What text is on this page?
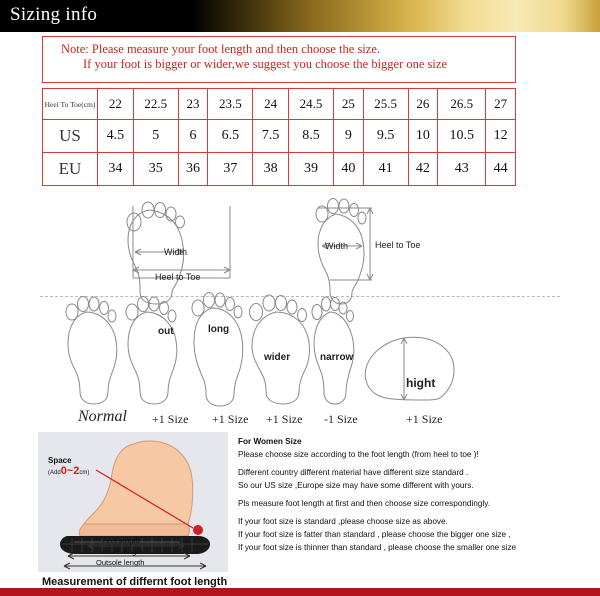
Sizing info
Note: Please measure your foot length and then choose the size.
If your foot is bigger or wider,we suggest you choose the bigger one size
Heel To Toe(cm)	22	22.5	23	23.5	24	24.5	25	25.5	26	26.5	27
US	4.5	5	6	6.5	7.5	8.5	9	9.5	10	10.5	12
EU	34	35	36	37	38	39	40	41	42	43	44
Width
Heel to Toe
Width	Heel to Toe
out	long
wider	narrow
hight
Normal +1 Size +1 Size +1 Size -1 Size	+1 Size
Space
(Add0~2cm)
Feet length
Insole length
Outsole length
Measurement of differnt foot length

For Women Size

Please choose size according to the foot length (from heel to toe )!

Different country different material have different size standard .

So our US size ,Europe size may have some different with yours.

Pls measure foot length at first and then choose size correspondingly.

If your foot size is standard ,please choose size as above.

If your foot size is fatter than standard , please choose the bigger one size ,

If your foot size is thinner than standard , please choose the smaller one size
